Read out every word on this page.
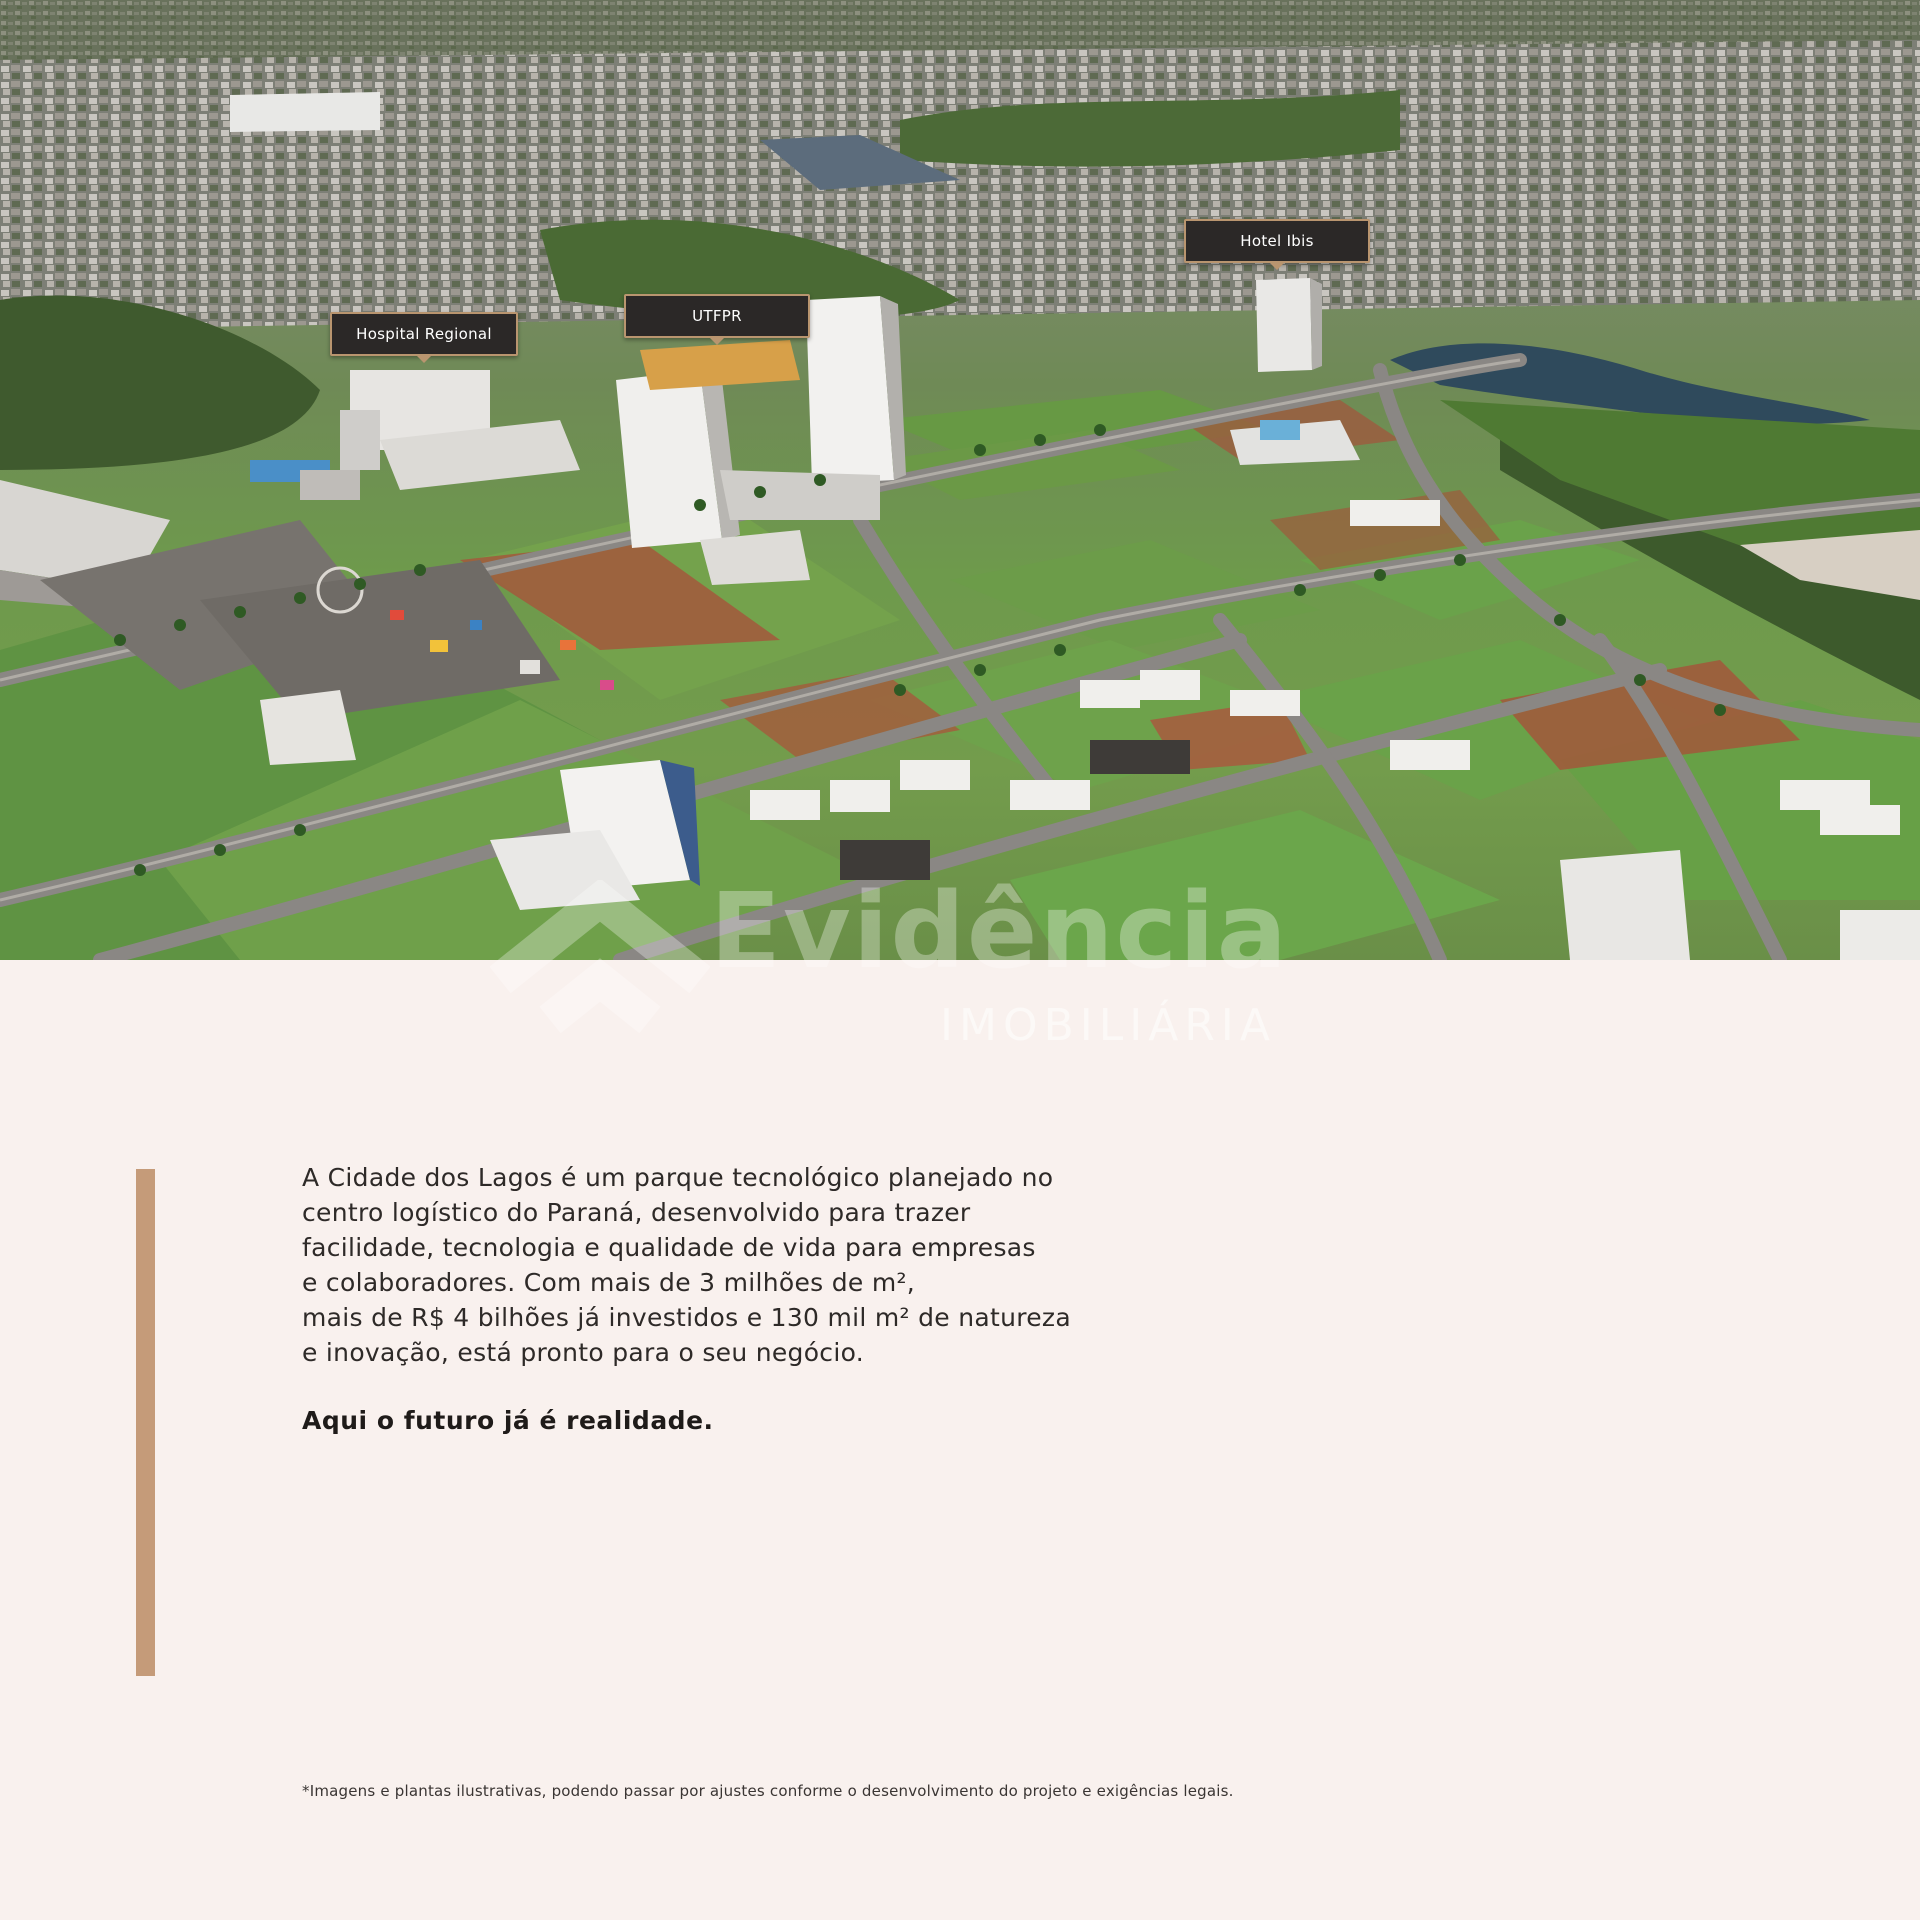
Hospital Regional
UTFPR
Hotel Ibis
Evidência
IMOBILIÁRIA

A Cidade dos Lagos é um parque tecnológico planejado no
centro logístico do Paraná, desenvolvido para trazer
facilidade, tecnologia e qualidade de vida para empresas
e colaboradores. Com mais de 3 milhões de m²,
mais de R$ 4 bilhões já investidos e 130 mil m² de natureza
e inovação, está pronto para o seu negócio.

Aqui o futuro já é realidade.

*Imagens e plantas ilustrativas, podendo passar por ajustes conforme o desenvolvimento do projeto e exigências legais.
